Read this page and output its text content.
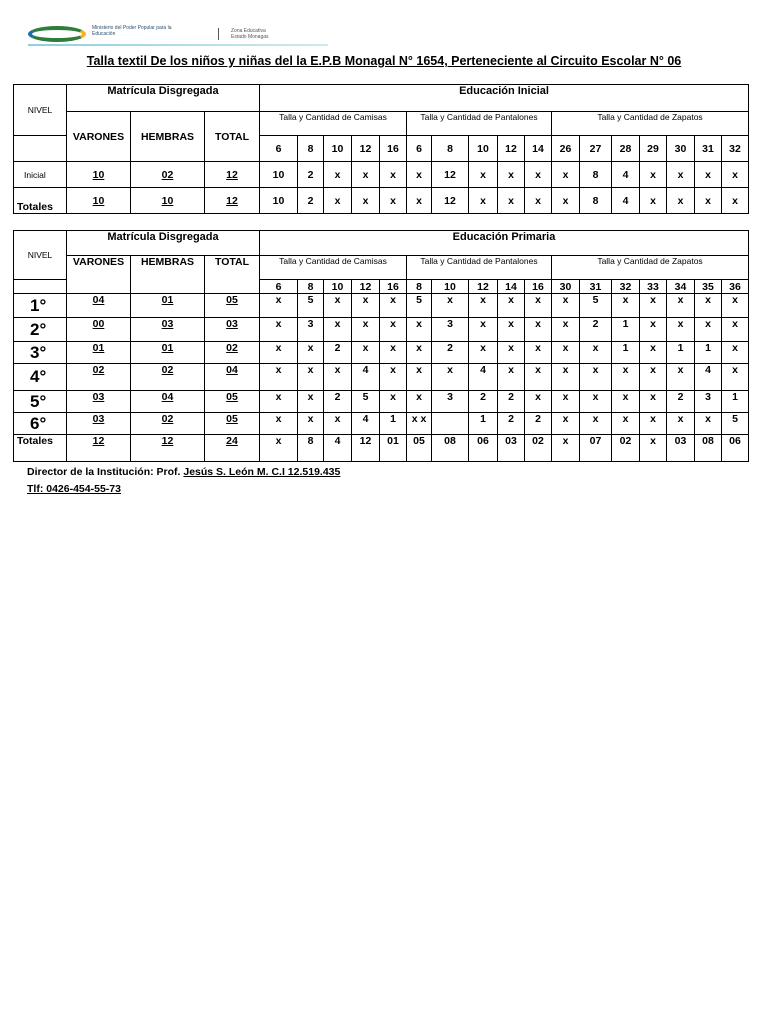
Ministerio del Poder Popular para la Educación	Zona Educativa
Estado Monagas
Talla textil De los niños y niñas del la E.P.B Monagal N° 1654, Perteneciente al Circuito Escolar N° 06
NIVEL	Matrícula Disgregada			Educación Inicial																
	VARONES	HEMBRAS	TOTAL	Talla y Cantidad de Camisas					Talla y Cantidad de Pantalones					Talla y Cantidad de Zapatos						
				6	8	10	12	16	6	8	10	12	14	26	27	28	29	30	31	32
Inicial	10	02	12	10	2	x	x	x	x	12	x	x	x	x	8	4	x	x	x	x
Totales	10	10	12	10	2	x	x	x	x	12	x	x	x	x	8	4	x	x	x	x
NIVEL	Matrícula Disgregada			Educación Primaria																
	VARONES	HEMBRAS	TOTAL	Talla y Cantidad de Camisas					Talla y Cantidad de Pantalones					Talla y Cantidad de Zapatos						
				6	8	10	12	16	8	10	12	14	16	30	31	32	33	34	35	36
1°	04	01	05	x	5	x	x	x	5	x	x	x	x	x	5	x	x	x	x	x
2°	00	03	03	x	3	x	x	x	x	3	x	x	x	x	2	1	x	x	x	x
3°	01	01	02	x	x	2	x	x	x	2	x	x	x	x	x	1	x	1	1	x
4°	02	02	04	x	x	x	4	x	x	x	4	x	x	x	x	x	x	x	4	x
5°	03	04	05	x	x	2	5	x	x	3	2	2	x	x	x	x	x	2	3	1
6°	03	02	05	x	x	x	4	1	x x		1	2	2	x	x	x	x	x	x	5
Totales	12	12	24	x	8	4	12	01	05	08	06	03	02	x	07	02	x	03	08	06
Director de la Institución: Prof. Jesús S. León M. C.I 12.519.435
Tlf: 0426-454-55-73
